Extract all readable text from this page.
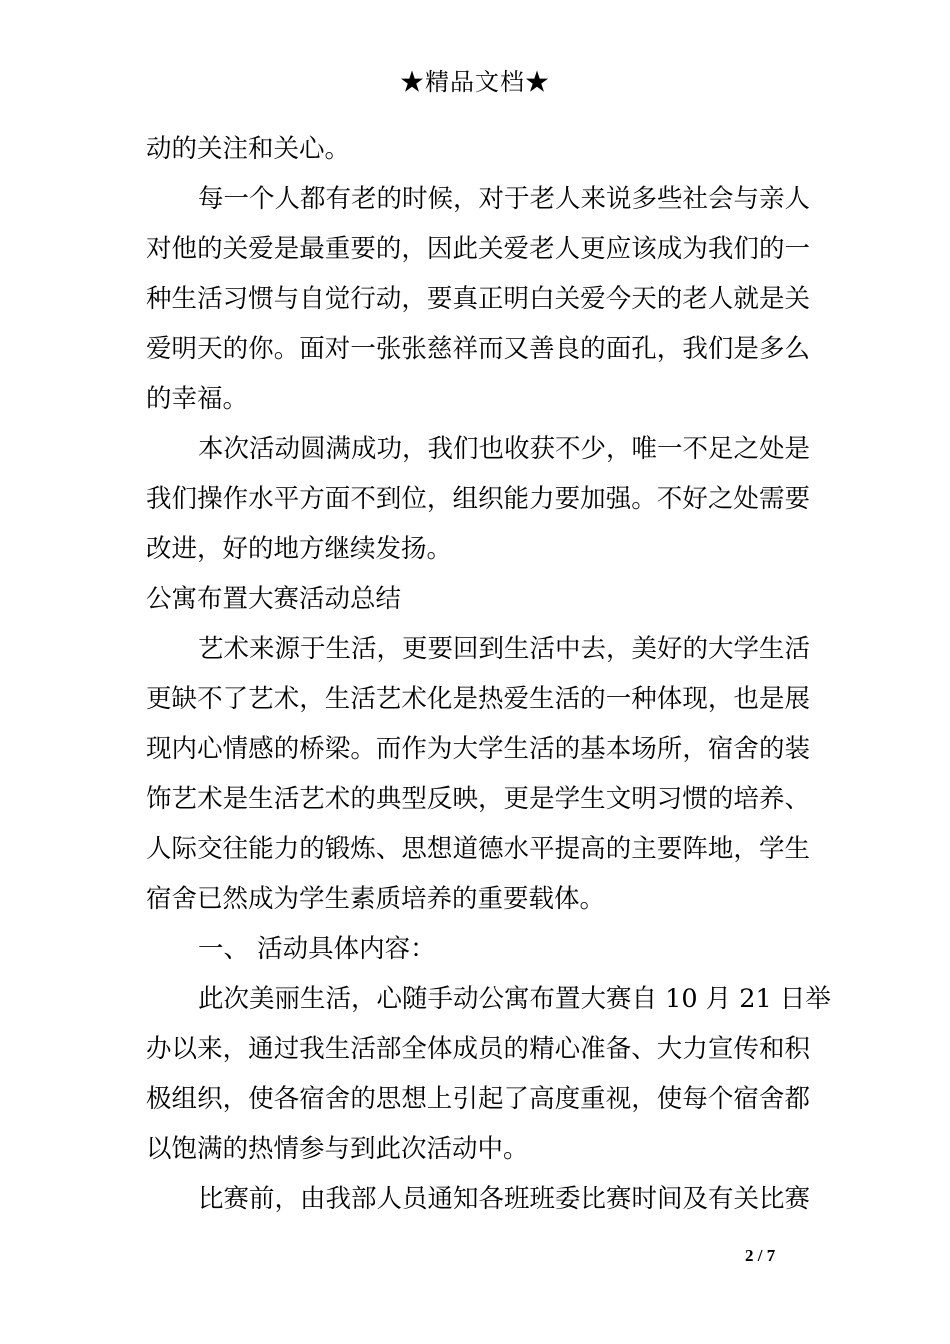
★精品文档★
动的关注和关心。
每一个人都有老的时候，对于老人来说多些社会与亲人
对他的关爱是最重要的，因此关爱老人更应该成为我们的一
种生活习惯与自觉行动，要真正明白关爱今天的老人就是关
爱明天的你。面对一张张慈祥而又善良的面孔，我们是多么
的幸福。
本次活动圆满成功，我们也收获不少，唯一不足之处是
我们操作水平方面不到位，组织能力要加强。不好之处需要
改进，好的地方继续发扬。
公寓布置大赛活动总结
艺术来源于生活，更要回到生活中去，美好的大学生活
更缺不了艺术，生活艺术化是热爱生活的一种体现，也是展
现内心情感的桥梁。而作为大学生活的基本场所，宿舍的装
饰艺术是生活艺术的典型反映，更是学生文明习惯的培养、
人际交往能力的锻炼、思想道德水平提高的主要阵地，学生
宿舍已然成为学生素质培养的重要载体。
一、 活动具体内容：
此次美丽生活，心随手动公寓布置大赛自 10 月 21 日举
办以来，通过我生活部全体成员的精心准备、大力宣传和积
极组织，使各宿舍的思想上引起了高度重视，使每个宿舍都
以饱满的热情参与到此次活动中。
比赛前，由我部人员通知各班班委比赛时间及有关比赛
2 / 7
